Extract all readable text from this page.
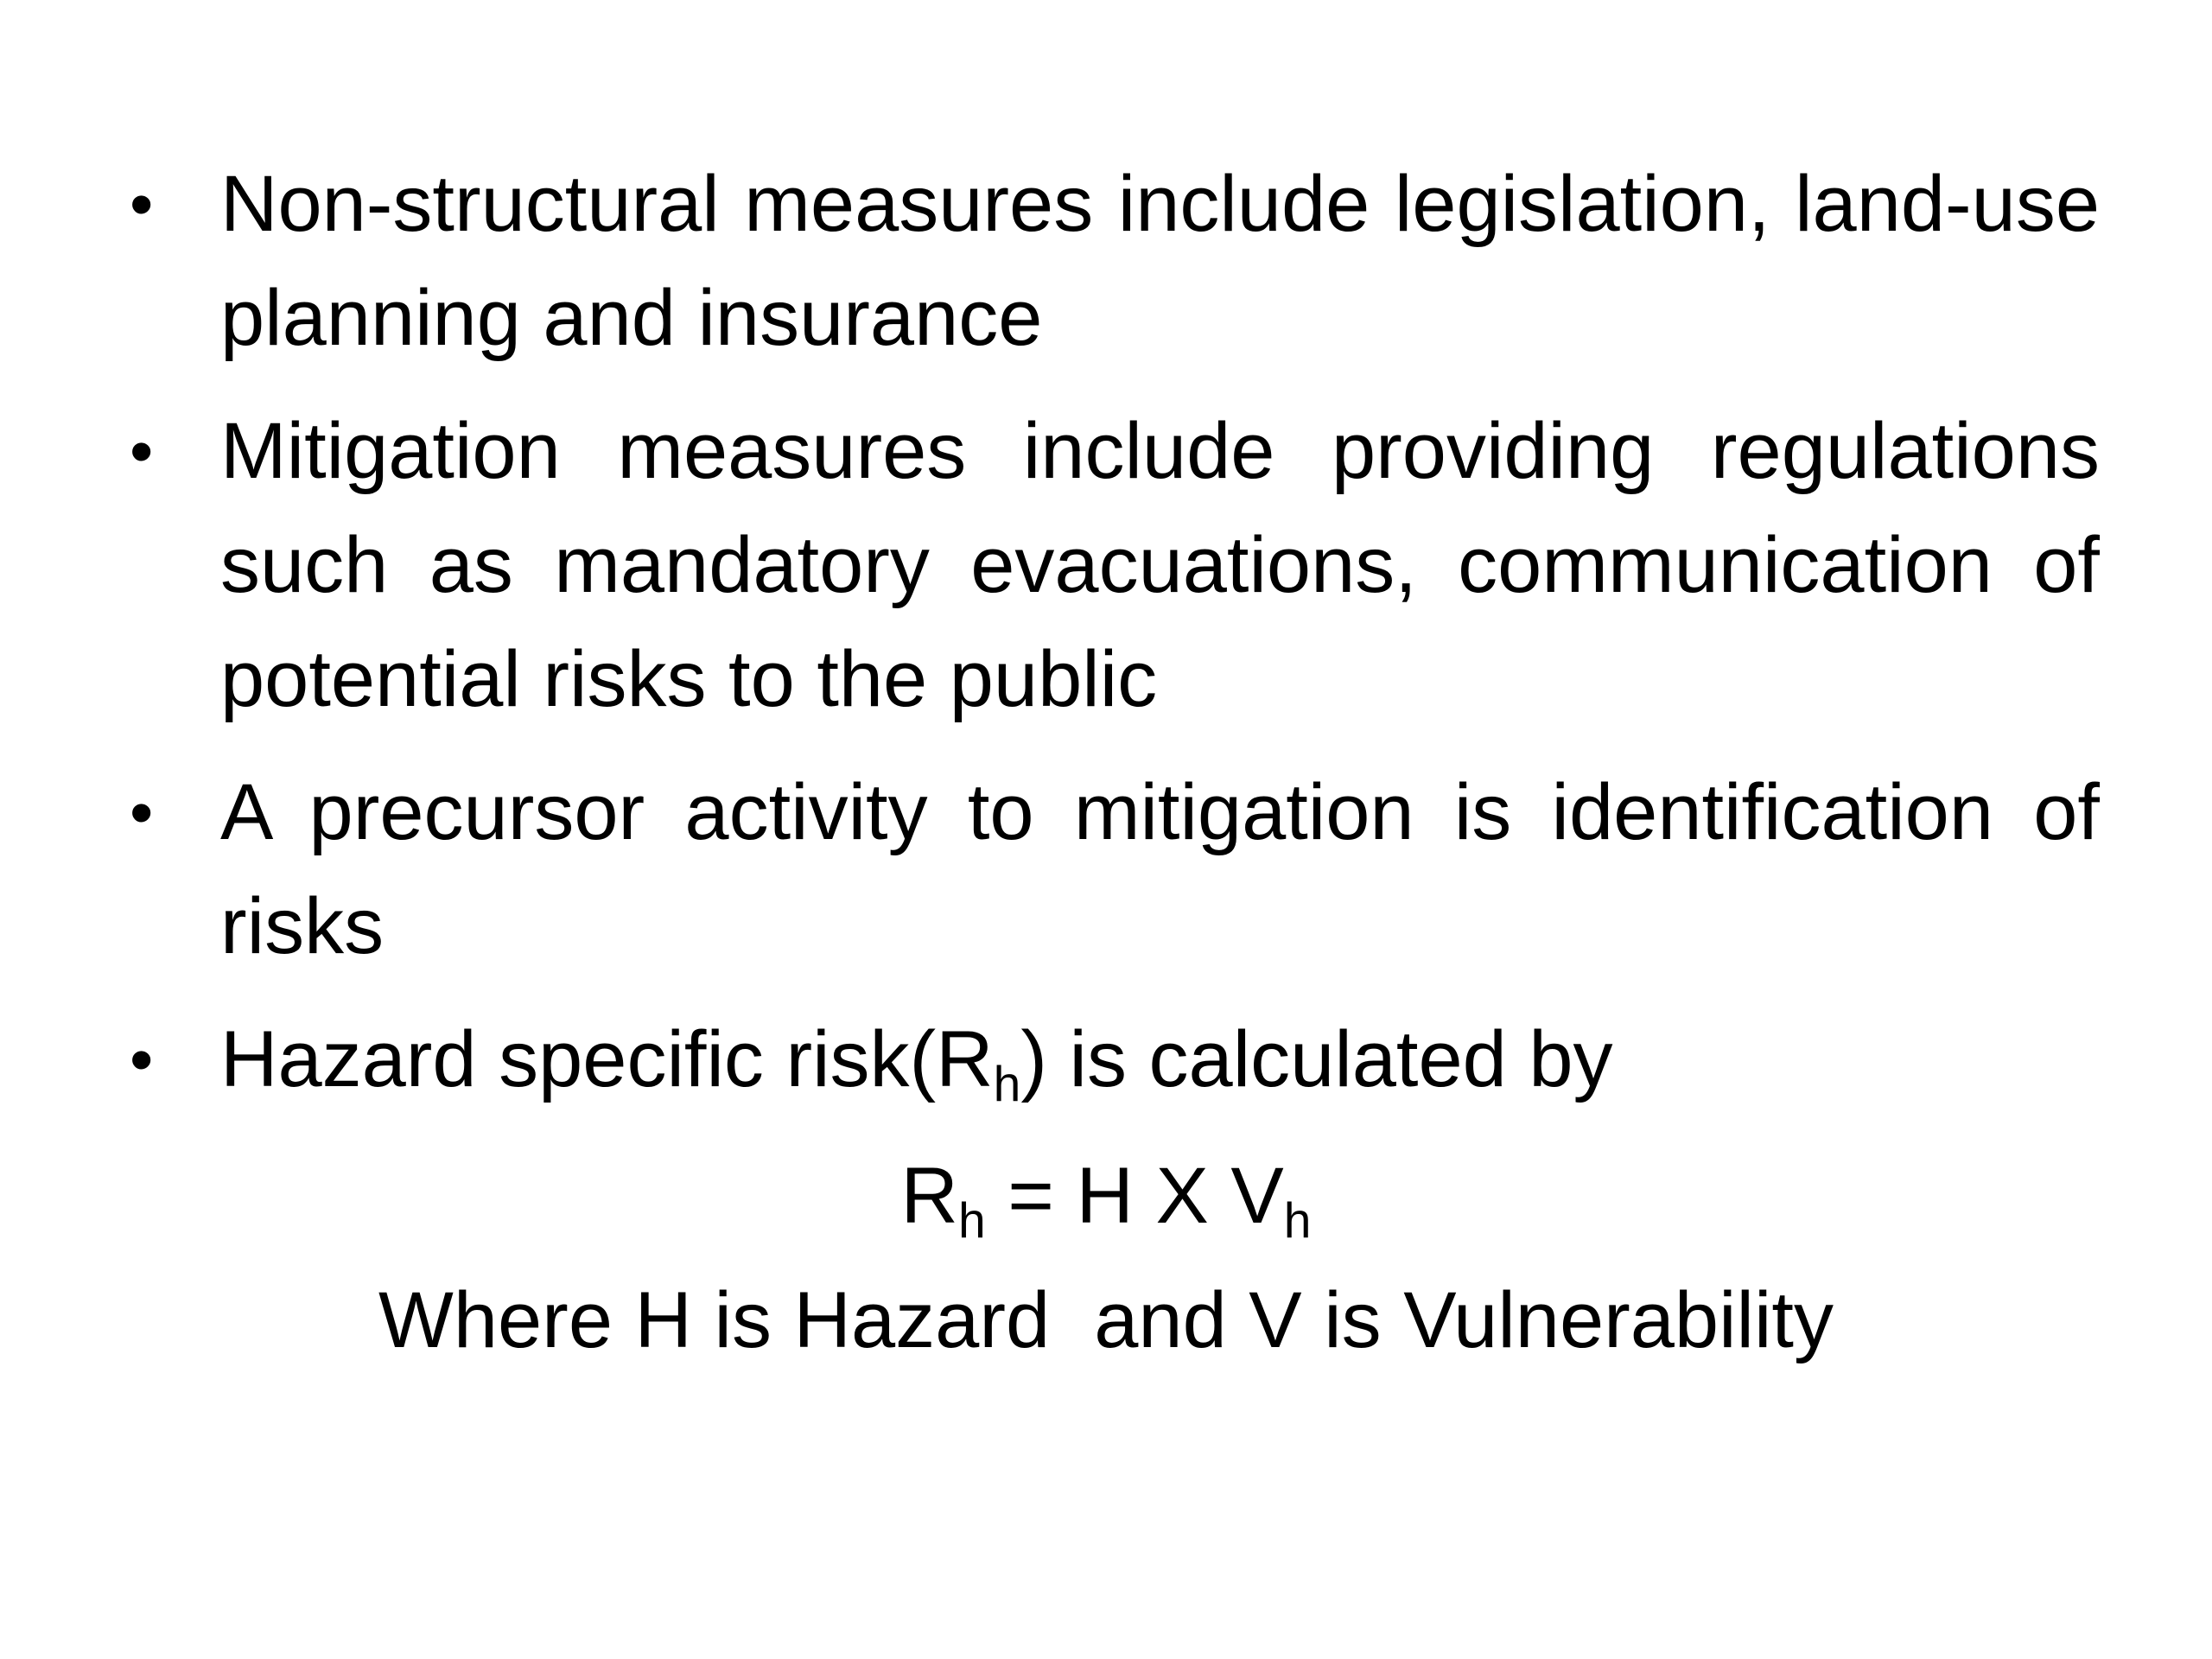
• Non-structural measures include legislation, land-use planning and insurance
• Mitigation measures include providing regulations such as mandatory evacuations, communication of potential risks to the public
• A precursor activity to mitigation is identification of risks
• Hazard specific $risk(R_h)$ is calculated by

$R_h = H$ X $V_h$

Where H is Hazard  and V is Vulnerability
